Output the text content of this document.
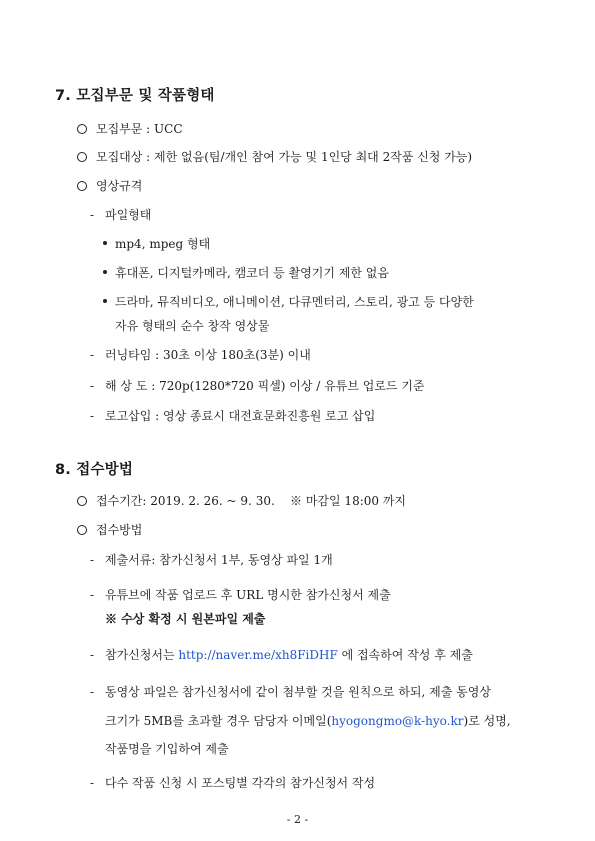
7. 모집부문 및 작품형태
모집부문 : UCC
모집대상 : 제한 없음(팀/개인 참여 가능 및 1인당 최대 2작품 신청 가능)
영상규격
- 파일형태
mp4, mpeg 형태
휴대폰, 디지털카메라, 캠코더 등 촬영기기 제한 없음
드라마, 뮤직비디오, 애니메이션, 다큐멘터리, 스토리, 광고 등 다양한
자유 형태의 순수 창작 영상물
- 러닝타임 : 30초 이상 180초(3분) 이내
- 해 상 도 : 720p(1280*720 픽셀) 이상 / 유튜브 업로드 기준
- 로고삽입 : 영상 종료시 대전효문화진흥원 로고 삽입
8. 접수방법
접수기간: 2019. 2. 26. ~ 9. 30.    ※ 마감일 18:00 까지
접수방법
- 제출서류: 참가신청서 1부, 동영상 파일 1개
- 유튜브에 작품 업로드 후 URL 명시한 참가신청서 제출
※ 수상 확정 시 원본파일 제출
- 참가신청서는 http://naver.me/xh8FiDHF 에 접속하여 작성 후 제출
- 동영상 파일은 참가신청서에 같이 첨부할 것을 원칙으로 하되, 제출 동영상
크기가 5MB를 초과할 경우 담당자 이메일(hyogongmo@k-hyo.kr)로 성명,
작품명을 기입하여 제출
- 다수 작품 신청 시 포스팅별 각각의 참가신청서 작성
- 2 -
